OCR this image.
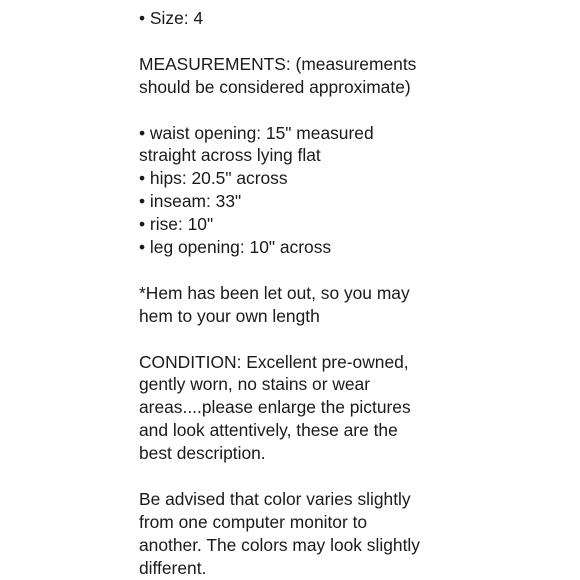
• Size: 4
MEASUREMENTS: (measurements
should be considered approximate)
• waist opening: 15" measured
straight across lying flat
• hips: 20.5" across
• inseam: 33"
• rise: 10"
• leg opening: 10" across
*Hem has been let out, so you may
hem to your own length
CONDITION: Excellent pre-owned,
gently worn, no stains or wear
areas....please enlarge the pictures
and look attentively, these are the
best description.
Be advised that color varies slightly
from one computer monitor to
another. The colors may look slightly
different.
